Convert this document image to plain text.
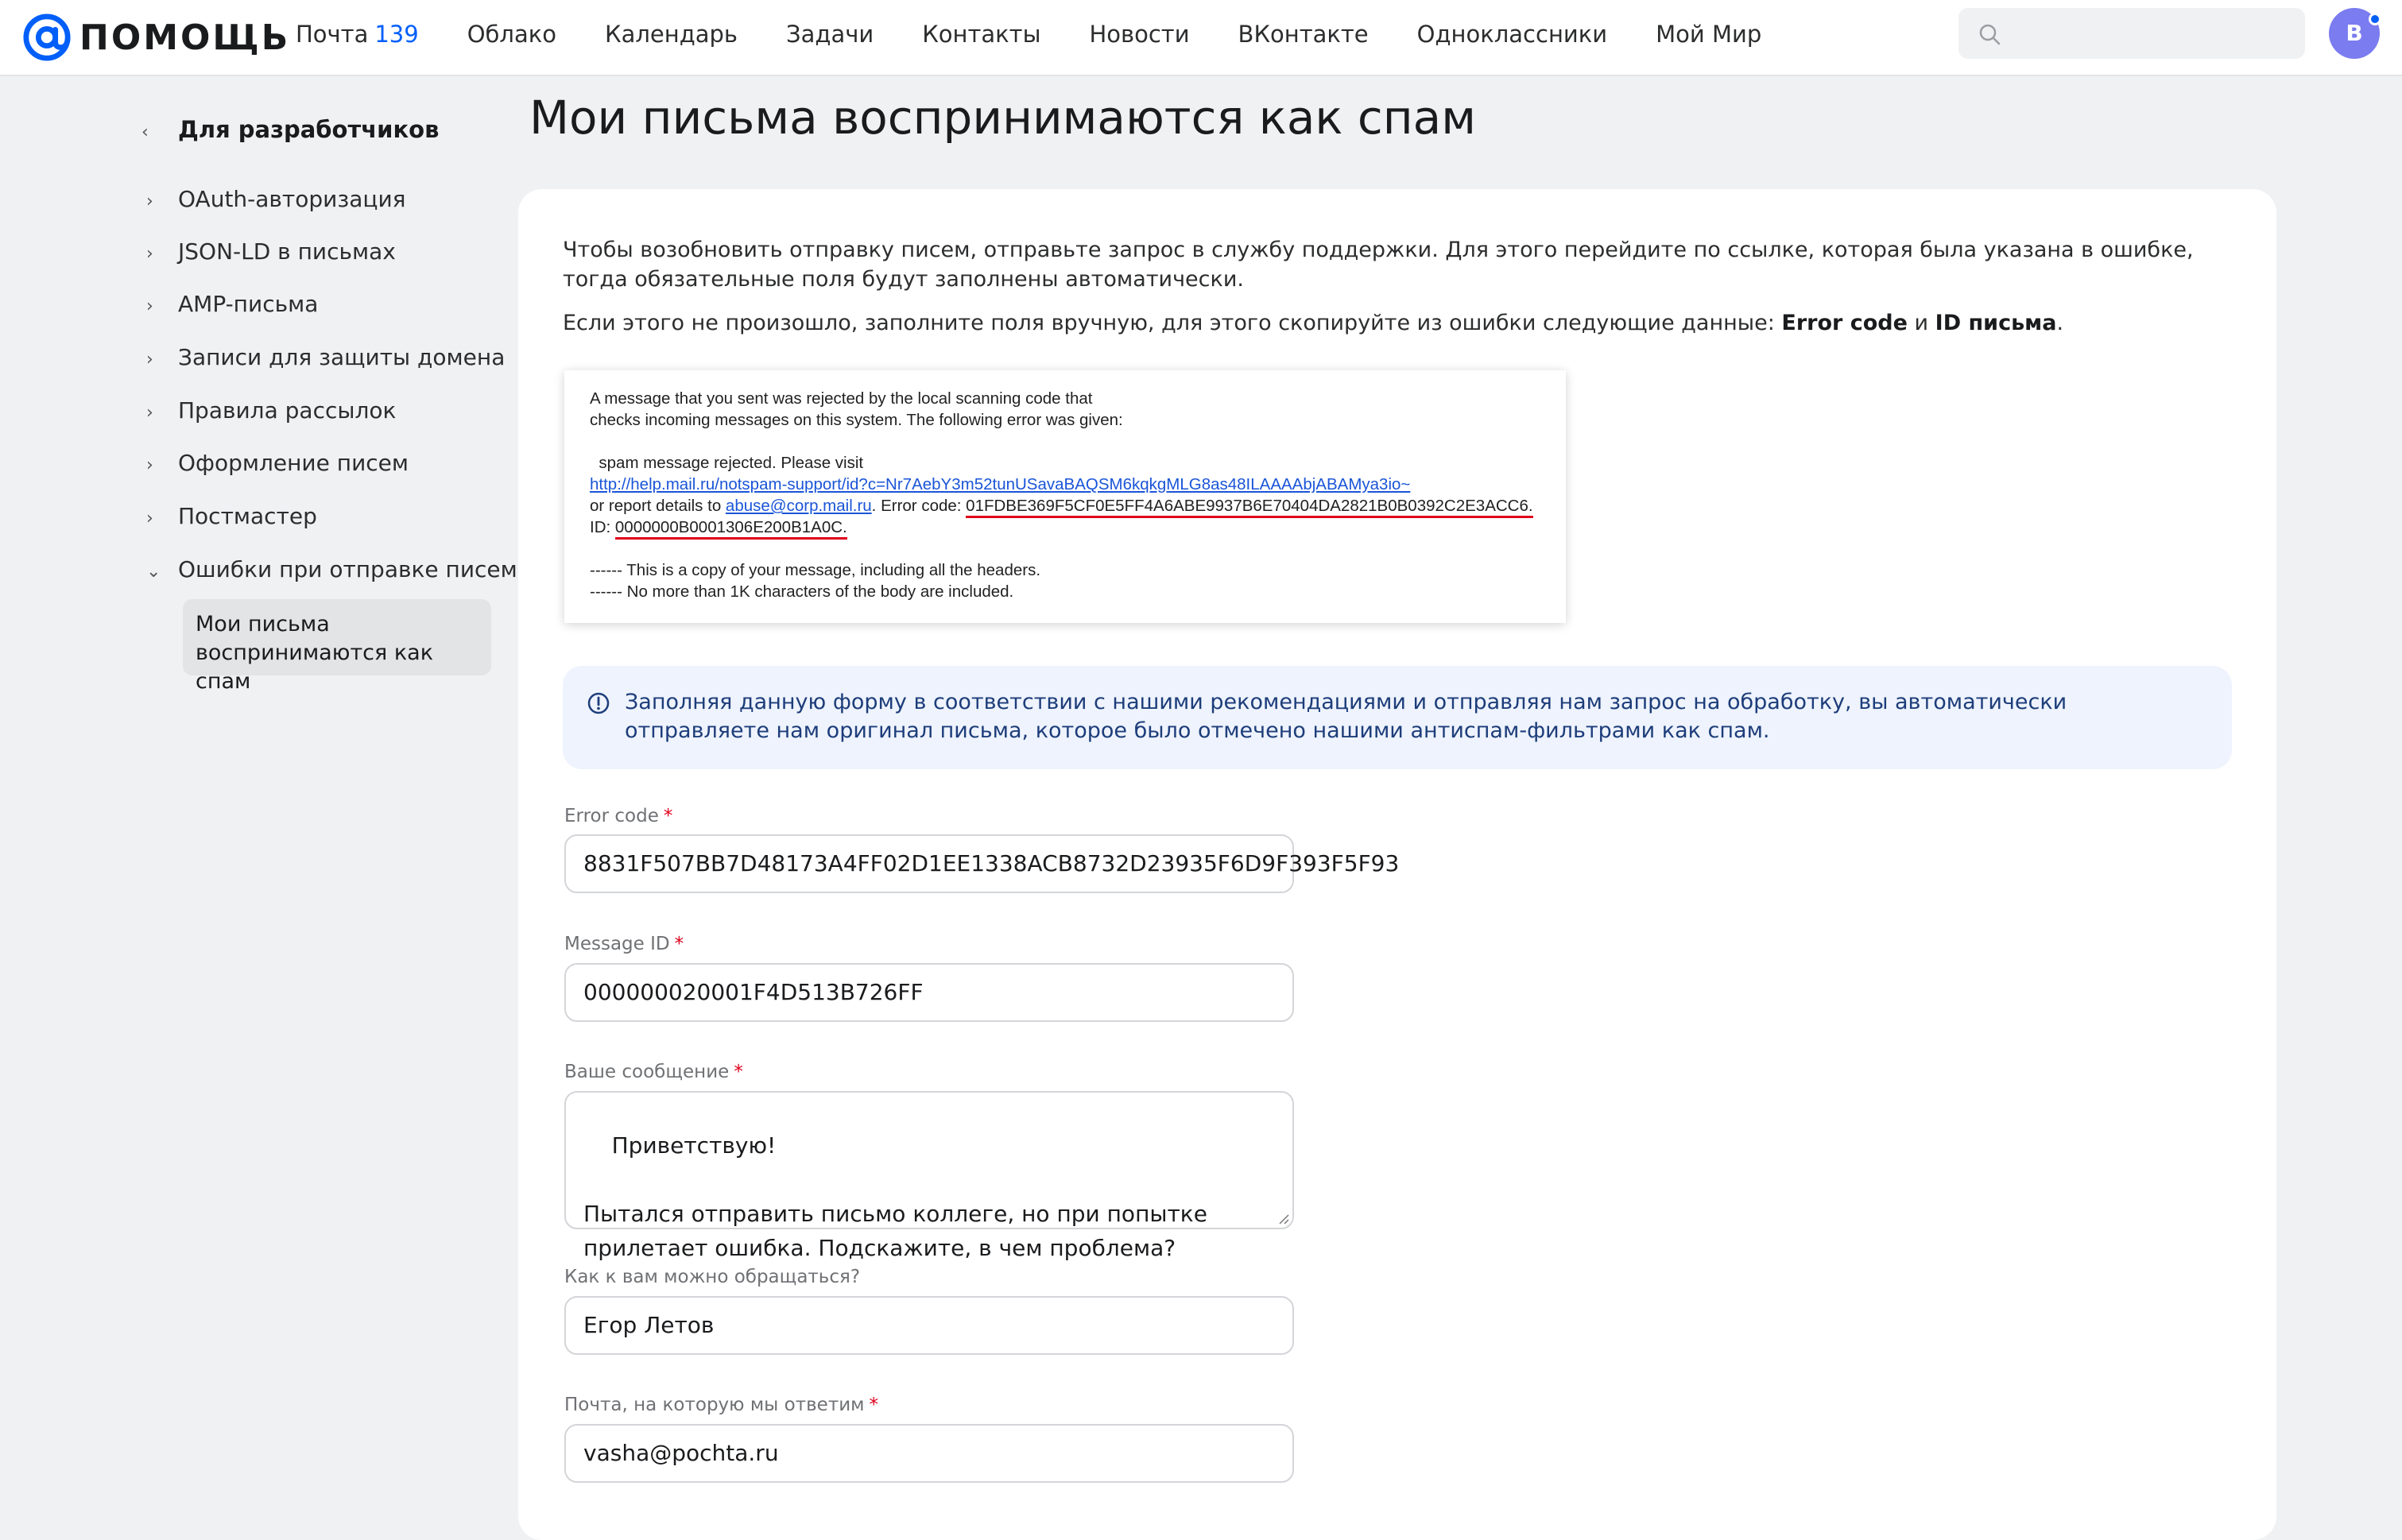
ПОМОЩЬ Почта 139 Облако Календарь Задачи Контакты Новости ВКонтакте Одноклассники Мой Мир	B
‹ Для разработчиков
› OAuth-авторизация
› JSON-LD в письмах
› AMP-письма
› Записи для защиты домена
› Правила рассылок
› Оформление писем
› Постмастер
⌄ Ошибки при отправке писем
Мои письма воспринимаются как спам
Мои письма воспринимаются как спам

Чтобы возобновить отправку писем, отправьте запрос в службу поддержки. Для этого перейдите по ссылке, которая была указана в ошибке, тогда обязательные поля будут заполнены автоматически.

Если этого не произошло, заполните поля вручную, для этого скопируйте из ошибки следующие данные: Error code и ID письма.

A message that you sent was rejected by the local scanning code that
checks incoming messages on this system. The following error was given:

spam message rejected. Please visit
http://help.mail.ru/notspam-support/id?c=Nr7AebY3m52tunUSavaBAQSM6kqkgMLG8as48ILAAAAbjABAMya3io~
or report details to abuse@corp.mail.ru. Error code: 01FDBE369F5CF0E5FF4A6ABE9937B6E70404DA2821B0B0392C2E3ACC6.
ID: 0000000B0001306E200B1A0C.

------ This is a copy of your message, including all the headers.
------ No more than 1K characters of the body are included.
Заполняя данную форму в соответствии с нашими рекомендациями и отправляя нам запрос на обработку, вы автоматически отправляете нам оригинал письма, которое было отмечено нашими антиспам-фильтрами как спам.
Error code *
8831F507BB7D48173A4FF02D1EE1338ACB8732D23935F6D9F393F5F93
Message ID *
000000020001F4D513B726FF
Ваше сообщение *

Приветствую!

Пытался отправить письмо коллеге, но при попытке прилетает ошибка. Подскажите, в чем проблема?

Как к вам можно обращаться?
Егор Летов
Почта, на которую мы ответим *
vasha@pochta.ru
